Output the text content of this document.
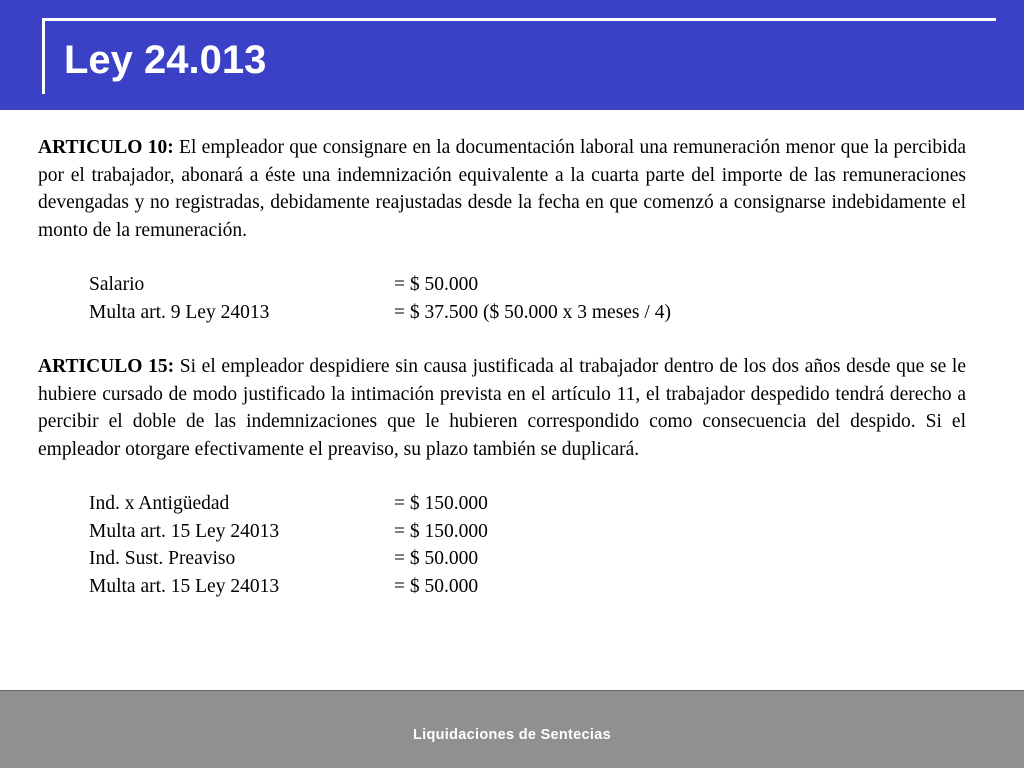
Ley 24.013

ARTICULO 10: El empleador que consignare en la documentación laboral una remuneración menor que la percibida por el trabajador, abonará a éste una indemnización equivalente a la cuarta parte del importe de las remuneraciones devengadas y no registradas, debidamente reajustadas desde la fecha en que comenzó a consignarse indebidamente el monto de la remuneración.

Salario	= $ 50.000
Multa art. 9 Ley 24013	= $ 37.500 ($ 50.000 x 3 meses / 4)

ARTICULO 15: Si el empleador despidiere sin causa justificada al trabajador dentro de los dos años desde que se le hubiere cursado de modo justificado la intimación prevista en el artículo 11, el trabajador despedido tendrá derecho a percibir el doble de las indemnizaciones que le hubieren correspondido como consecuencia del despido. Si el empleador otorgare efectivamente el preaviso, su plazo también se duplicará.

Ind. x Antigüedad	= $ 150.000
Multa art. 15 Ley 24013	= $ 150.000
Ind. Sust. Preaviso	= $ 50.000
Multa art. 15 Ley 24013	= $ 50.000
Liquidaciones de Sentecias
